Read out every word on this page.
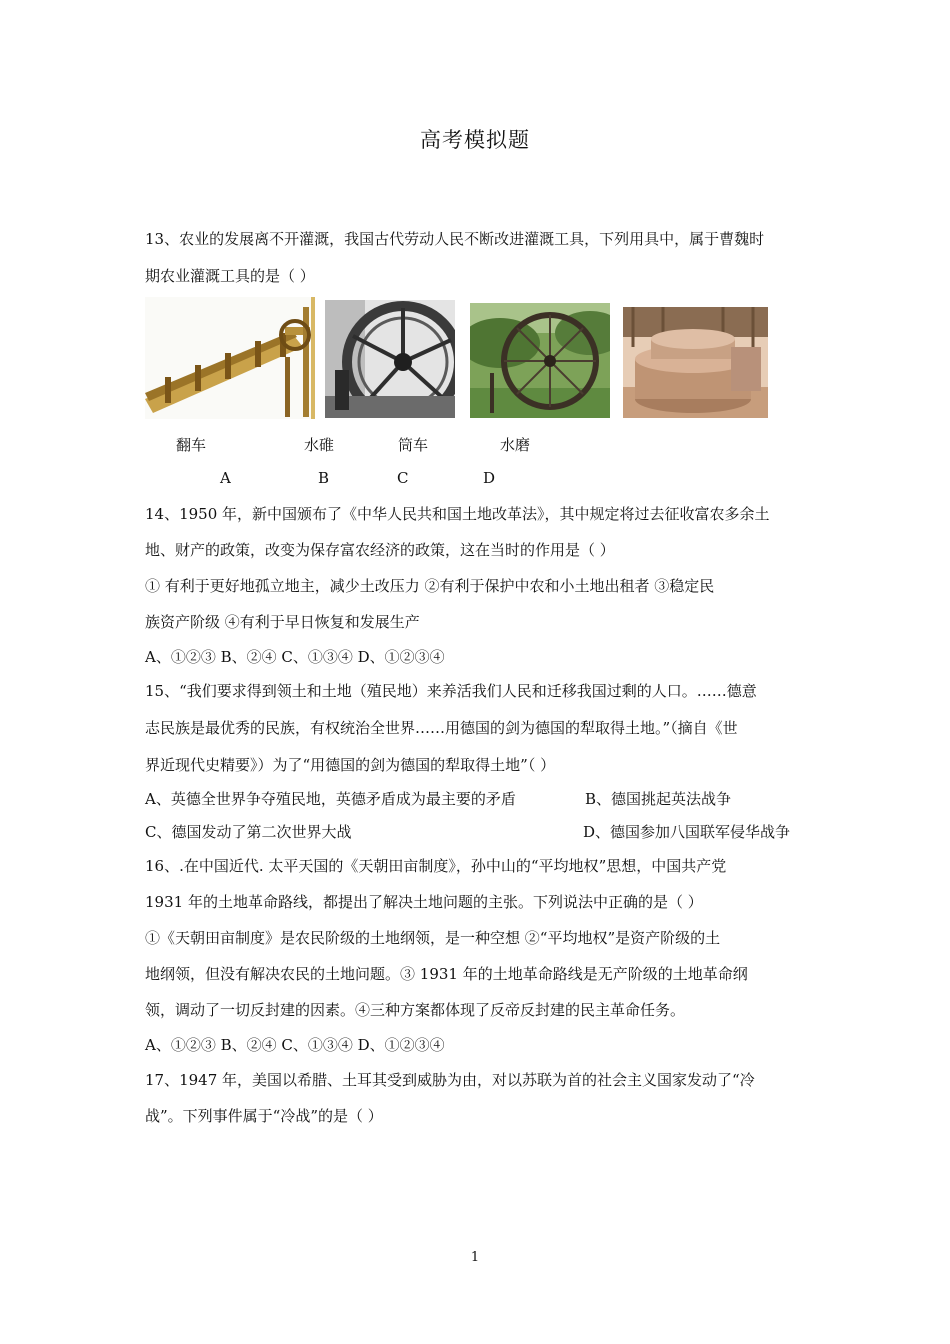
高考模拟题
13、农业的发展离不开灌溉，我国古代劳动人民不断改进灌溉工具，下列用具中，属于曹魏时
期农业灌溉工具的是（ ）
翻车	水碓	筒车	水磨
A	B	C	D
14、1950 年，新中国颁布了《中华人民共和国土地改革法》，其中规定将过去征收富农多余土
地、财产的政策，改变为保存富农经济的政策，这在当时的作用是（ ）
① 有利于更好地孤立地主，减少土改压力 ②有利于保护中农和小土地出租者 ③稳定民
族资产阶级 ④有利于早日恢复和发展生产
A、①②③ B、②④ C、①③④ D、①②③④
15、“我们要求得到领土和土地（殖民地）来养活我们人民和迁移我国过剩的人口。……德意
志民族是最优秀的民族，有权统治全世界……用德国的剑为德国的犁取得土地。”（摘自《世
界近现代史精要》）为了“用德国的剑为德国的犁取得土地”（ ）
A、英德全世界争夺殖民地，英德矛盾成为最主要的矛盾	B、德国挑起英法战争
C、德国发动了第二次世界大战	D、德国参加八国联军侵华战争
16、.在中国近代. 太平天国的《天朝田亩制度》，孙中山的“平均地权”思想，中国共产党
1931 年的土地革命路线，都提出了解决土地问题的主张。下列说法中正确的是（ ）
①《天朝田亩制度》是农民阶级的土地纲领，是一种空想 ②“平均地权”是资产阶级的土
地纲领，但没有解决农民的土地问题。③ 1931 年的土地革命路线是无产阶级的土地革命纲
领，调动了一切反封建的因素。④三种方案都体现了反帝反封建的民主革命任务。
A、①②③ B、②④ C、①③④ D、①②③④
17、1947 年，美国以希腊、土耳其受到威胁为由，对以苏联为首的社会主义国家发动了“冷
战”。下列事件属于“冷战”的是（ ）
1
